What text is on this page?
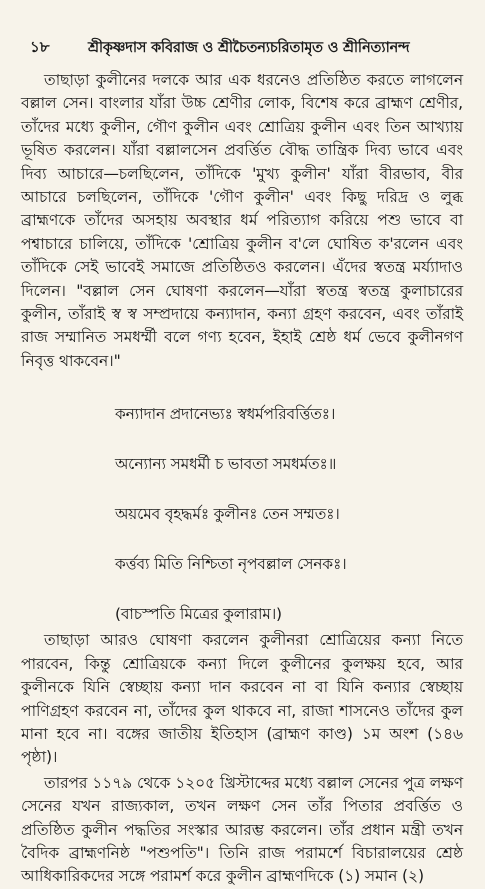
১৮	শ্রীকৃষ্ণদাস কবিরাজ ও শ্রীচৈতন্যচরিতামৃত ও শ্রীনিত্যানন্দ

তাছাড়া কুলীনের দলকে আর এক ধরনেও প্রতিষ্ঠিত করতে লাগলেন বল্লাল সেন। বাংলার যাঁরা উচ্চ শ্রেণীর লোক, বিশেষ করে ব্রাহ্মণ শ্রেণীর, তাঁদের মধ্যে কুলীন, গৌণ কুলীন এবং শ্রোত্রিয় কুলীন এবং তিন আখ্যায় ভূষিত করলেন। যাঁরা বল্লালসেন প্রবর্ত্তিত বৌদ্ধ তান্ত্রিক দিব্য ভাবে এবং দিব্য আচারে—চলছিলেন, তাঁদিকে 'মুখ্য কুলীন' যাঁরা বীরভাব, বীর আচারে চলছিলেন, তাঁদিকে 'গৌণ কুলীন' এবং কিছু দরিদ্র ও লুব্ধ ব্রাহ্মণকে তাঁদের অসহায় অবস্থার ধর্ম পরিত্যাগ করিয়ে পশু ভাবে বা পশ্বাচারে চালিয়ে, তাঁদিকে 'শ্রোত্রিয় কুলীন ব'লে ঘোষিত ক'রলেন এবং তাঁদিকে সেই ভাবেই সমাজে প্রতিষ্ঠিতও করলেন। এঁদের স্বতন্ত্র মর্য্যাদাও দিলেন। "বল্লাল সেন ঘোষণা করলেন—যাঁরা স্বতন্ত্র স্বতন্ত্র কুলাচারের কুলীন, তাঁরাই স্ব স্ব সম্প্রদায়ে কন্যাদান, কন্যা গ্রহণ করবেন, এবং তাঁরাই রাজ সম্মানিত সমধর্ম্মী বলে গণ্য হবেন, ইহাই শ্রেষ্ঠ ধর্ম ভেবে কুলীনগণ নিবৃত্ত থাকবেন।"

কন্যাদান প্রদানেভ্যঃ স্বধর্মপরিবর্ত্তিতঃ।

অন্যোন্য সমধর্মী চ ভাবতা সমধর্মতঃ॥

অয়মেব বৃহদ্ধর্মঃ কুলীনঃ তেন সম্মতঃ।

কর্ত্তব্য মিতি নিশ্চিতা নৃপবল্লাল সেনকঃ।

(বাচস্পতি মিত্রের কুলারাম।)

তাছাড়া আরও ঘোষণা করলেন কুলীনরা শ্রোত্রিয়ের কন্যা নিতে পারবেন, কিন্তু শ্রোত্রিয়কে কন্যা দিলে কুলীনের কুলক্ষয় হবে, আর কুলীনকে যিনি স্বেচ্ছায় কন্যা দান করবেন না বা যিনি কন্যার স্বেচ্ছায় পাণিগ্রহণ করবেন না, তাঁদের কুল থাকবে না, রাজা শাসনেও তাঁদের কুল মানা হবে না। বঙ্গের জাতীয় ইতিহাস (ব্রাহ্মণ কাণ্ড) ১ম অংশ (১৪৬ পৃষ্ঠা)।

তারপর ১১৭৯ থেকে ১২০৫ খ্রিস্টাব্দের মধ্যে বল্লাল সেনের পুত্র লক্ষণ সেনের যখন রাজ্যকাল, তখন লক্ষণ সেন তাঁর পিতার প্রবর্ত্তিত ও প্রতিষ্ঠিত কুলীন পদ্ধতির সংস্কার আরম্ভ করলেন। তাঁর প্রধান মন্ত্রী তখন বৈদিক ব্রাহ্মণনিষ্ঠ "পশুপতি"। তিনি রাজ পরামর্শে বিচারালয়ের শ্রেষ্ঠ আধিকারিকদের সঙ্গে পরামর্শ করে কুলীন ব্রাহ্মণদিকে (১) সমান (২)
